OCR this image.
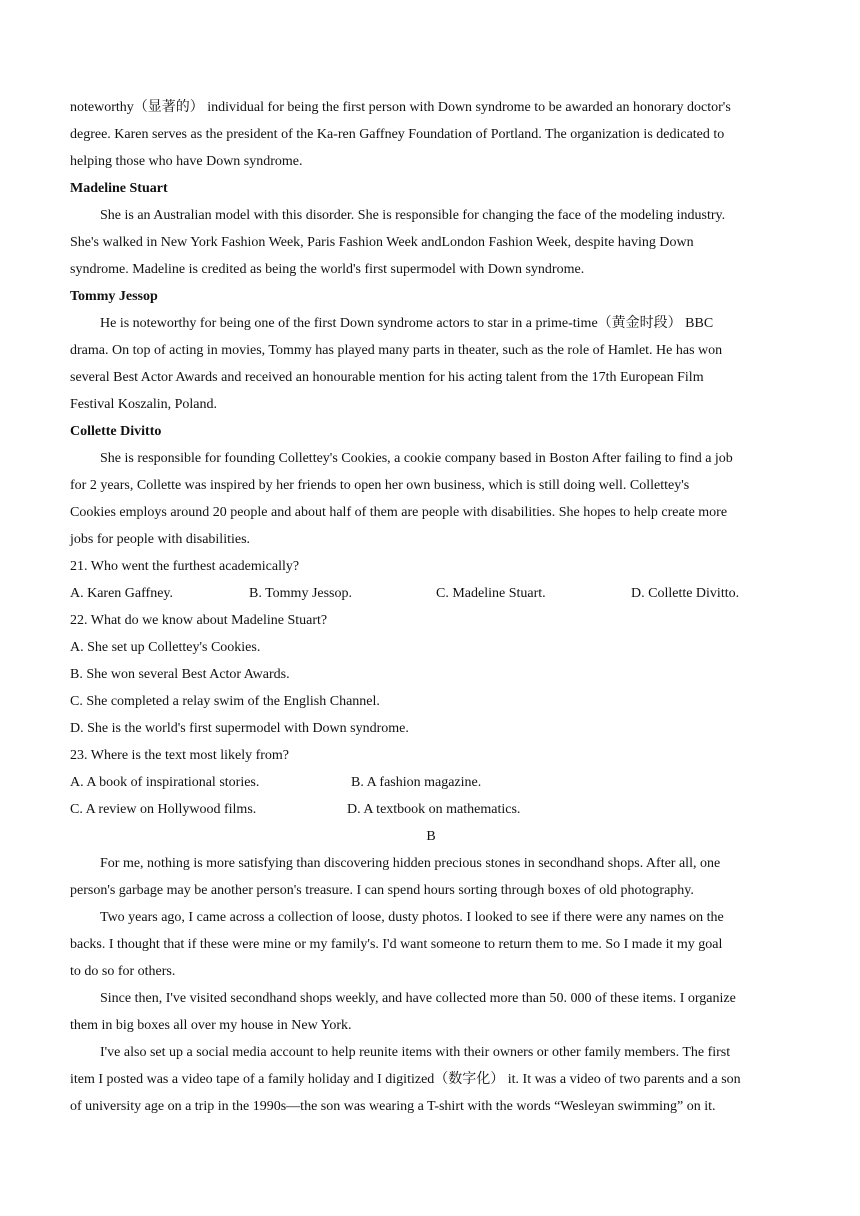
noteworthy（显著的） individual for being the first person with Down syndrome to be awarded an honorary doctor's
degree. Karen serves as the president of the Ka-ren Gaffney Foundation of Portland. The organization is dedicated to
helping those who have Down syndrome.
Madeline Stuart
She is an Australian model with this disorder. She is responsible for changing the face of the modeling industry.
She's walked in New York Fashion Week, Paris Fashion Week andLondon Fashion Week, despite having Down
syndrome. Madeline is credited as being the world's first supermodel with Down syndrome.
Tommy Jessop
He is noteworthy for being one of the first Down syndrome actors to star in a prime-time（黄金时段） BBC
drama. On top of acting in movies, Tommy has played many parts in theater, such as the role of Hamlet. He has won
several Best Actor Awards and received an honourable mention for his acting talent from the 17th European Film
Festival Koszalin, Poland.
Collette Divitto
She is responsible for founding Colletteу's Cookies, a cookie company based in Boston After failing to find a job
for 2 years, Collette was inspired by her friends to open her own business, which is still doing well. Colletteу's
Cookies employs around 20 people and about half of them are people with disabilities. She hopes to help create more
jobs for people with disabilities.
21. Who went the furthest academically?
A. Karen Gaffney.	B. Tommy Jessop.	C. Madeline Stuart.	D. Collette Divitto.
22. What do we know about Madeline Stuart?
A. She set up Colletteу's Cookies.
B. She won several Best Actor Awards.
C. She completed a relay swim of the English Channel.
D. She is the world's first supermodel with Down syndrome.
23. Where is the text most likely from?
A. A book of inspirational stories.	B. A fashion magazine.
C. A review on Hollywood films.	D. A textbook on mathematics.
B
For me, nothing is more satisfying than discovering hidden precious stones in secondhand shops. After all, one
person's garbage may be another person's treasure. I can spend hours sorting through boxes of old photography.
Two years ago, I came across a collection of loose, dusty photos. I looked to see if there were any names on the
backs. I thought that if these were mine or my family's. I'd want someone to return them to me. So I made it my goal
to do so for others.
Since then, I've visited secondhand shops weekly, and have collected more than 50. 000 of these items. I organize
them in big boxes all over my house in New York.
I've also set up a social media account to help reunite items with their owners or other family members. The first
item I posted was a video tape of a family holiday and I digitized（数字化） it. It was a video of two parents and a son
of university age on a trip in the 1990s—the son was wearing a T-shirt with the words “Wesleyan swimming” on it.
